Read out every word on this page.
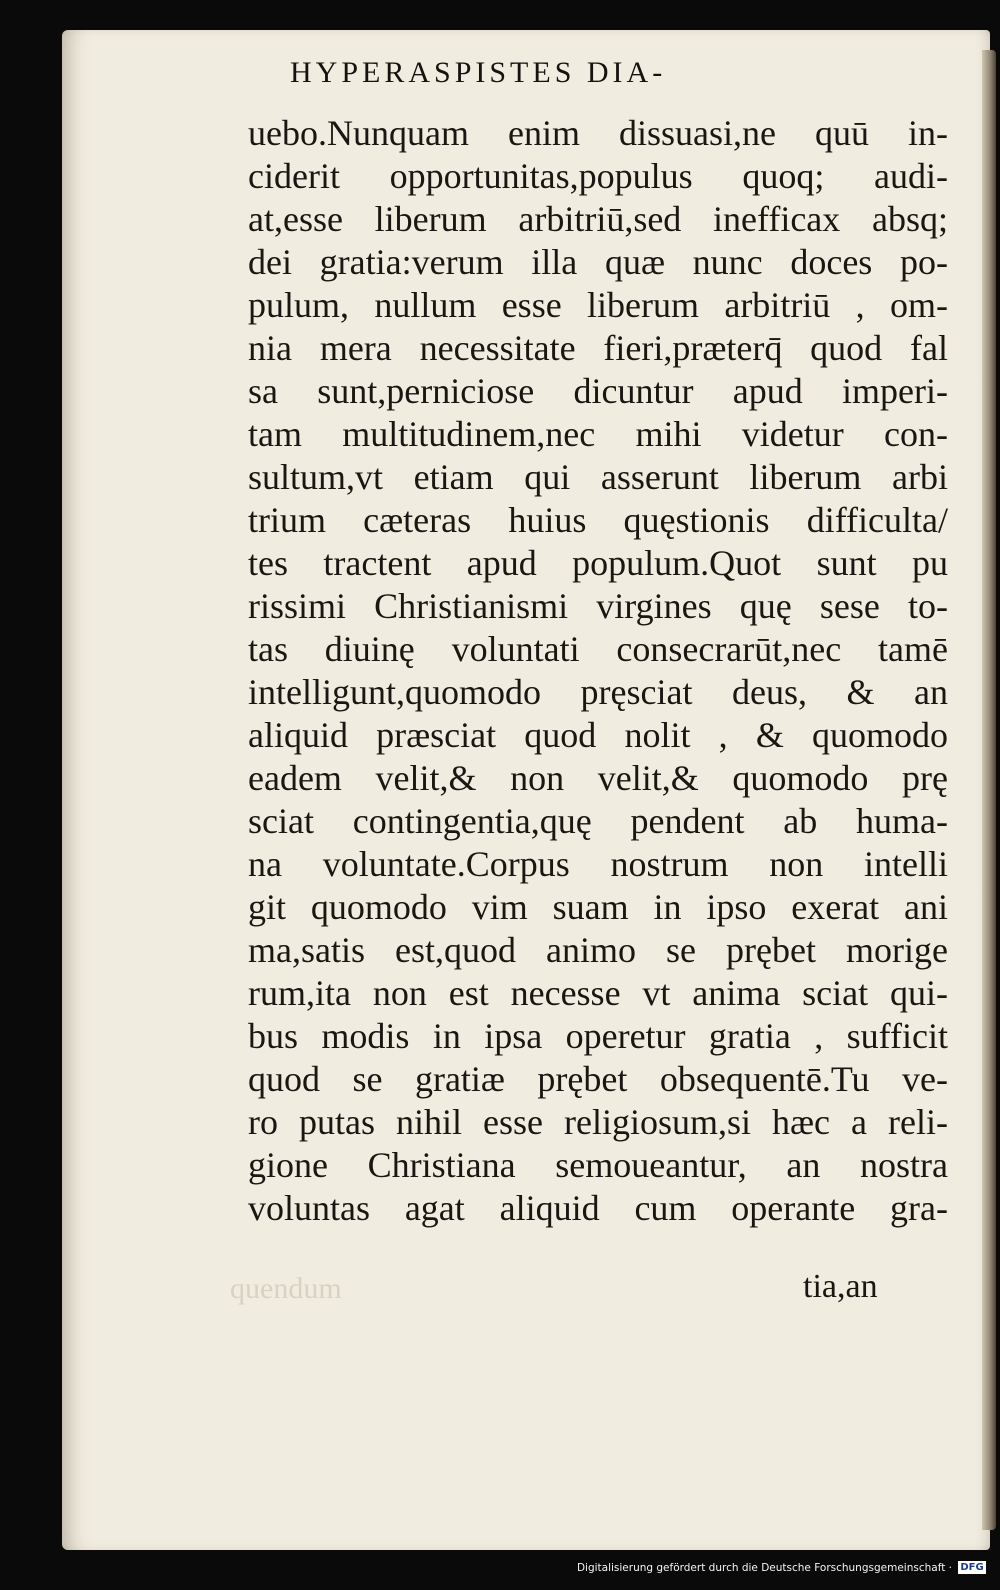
HYPERASPISTES DIA-
uebo.Nunquam enim dissuasi,ne quū in-
ciderit opportunitas,populus quoq; audi-
at,esse liberum arbitriū,sed inefficax absq;
dei gratia:verum illa quæ nunc doces po-
pulum, nullum esse liberum arbitriū , om-
nia mera necessitate fieri,præterq̄ quod fal
sa sunt,perniciose dicuntur apud imperi-
tam multitudinem,nec mihi videtur con-
sultum,vt etiam qui asserunt liberum arbi
trium cæteras huius quęstionis difficulta/
tes tractent apud populum.Quot sunt pu
rissimi Christianismi virgines quę sese to-
tas diuinę voluntati consecrarūt,nec tamē
intelligunt,quomodo pręsciat deus, & an
aliquid præsciat quod nolit , & quomodo
eadem velit,& non velit,& quomodo prę
sciat contingentia,quę pendent ab huma-
na voluntate.Corpus nostrum non intelli
git quomodo vim suam in ipso exerat ani
ma,satis est,quod animo se prębet morige
rum,ita non est necesse vt anima sciat qui-
bus modis in ipsa operetur gratia , sufficit
quod se gratiæ prębet obsequentē.Tu ve-
ro putas nihil esse religiosum,si hæc a reli-
gione Christiana semoueantur, an nostra
voluntas agat aliquid cum operante gra-
quendum	tia,an
Digitalisierung gefördert durch die Deutsche Forschungsgemeinschaft · DFG
